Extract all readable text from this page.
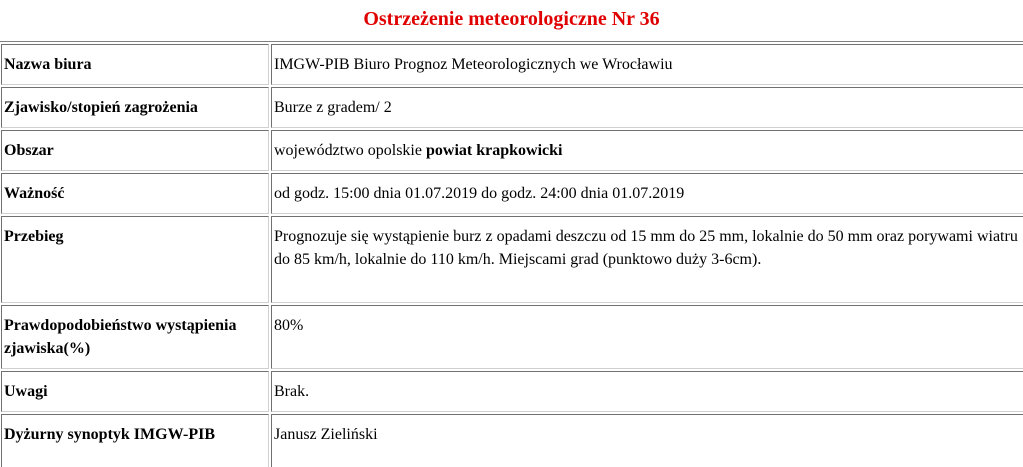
Ostrzeżenie meteorologiczne Nr 36
Nazwa biura	IMGW-PIB Biuro Prognoz Meteorologicznych we Wrocławiu
Zjawisko/stopień zagrożenia	Burze z gradem/ 2
Obszar	województwo opolskie powiat krapkowicki
Ważność	od godz. 15:00 dnia 01.07.2019 do godz. 24:00 dnia 01.07.2019
Przebieg	Prognozuje się wystąpienie burz z opadami deszczu od 15 mm do 25 mm, lokalnie do 50 mm oraz porywami wiatru do 85 km/h, lokalnie do 110 km/h. Miejscami grad (punktowo duży 3-6cm).
Prawdopodobieństwo wystąpienia zjawiska(%)	80%
Uwagi	Brak.
Dyżurny synoptyk IMGW-PIB	Janusz Zieliński
